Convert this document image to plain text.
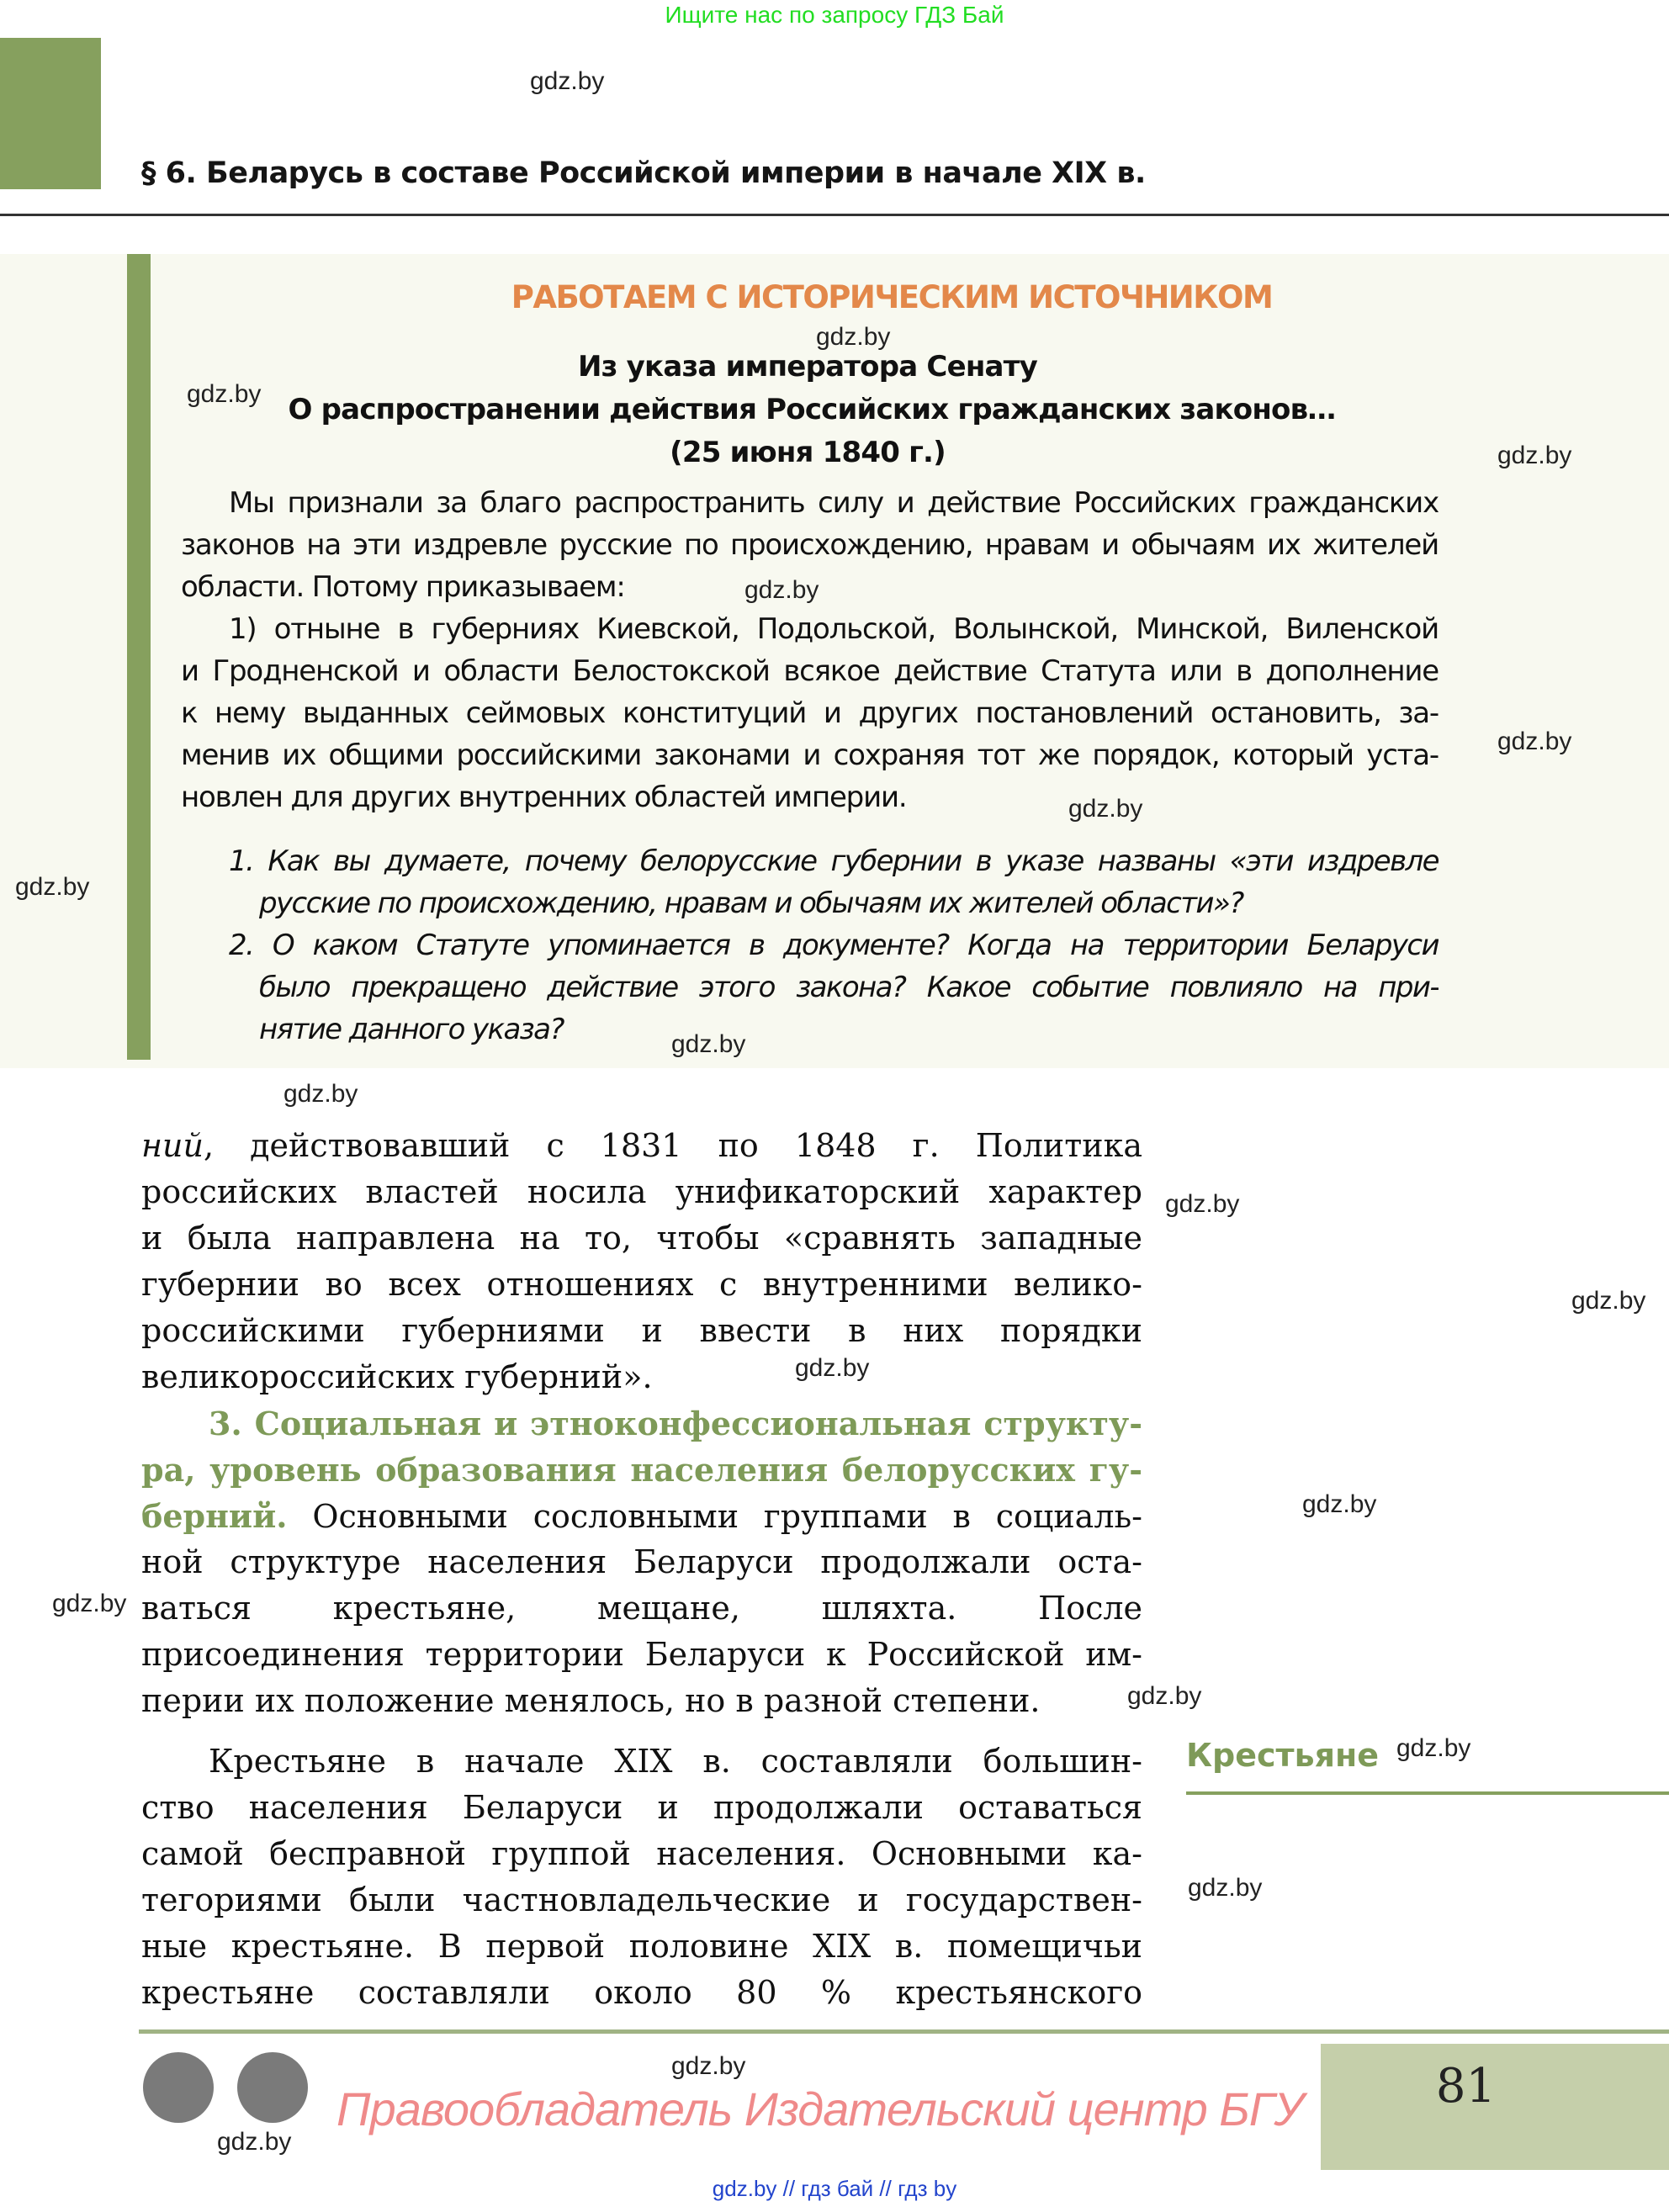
Ищите нас по запросу ГДЗ Бай
gdz.by
§ 6. Беларусь в составе Российской империи в начале XIX в.
РАБОТАЕМ С ИСТОРИЧЕСКИМ ИСТОЧНИКОМ
gdz.by
Из указа императора Сенату
gdz.by О распространении действия Российских гражданских законов…
(25 июня 1840 г.)	gdz.by
Мы признали за благо распространить силу и действие Российских гражданских
законов на эти издревле русские по происхождению, нравам и обычаям их жителей
области. Потому приказываем:	gdz.by
1) отныне в губерниях Киевской, Подольской, Волынской, Минской, Виленской
и Гродненской и области Белостокской всякое действие Статута или в дополнение
к нему выданных сеймовых конституций и других постановлений остановить, за-
менив их общими российскими законами и сохраняя тот же порядок, который уста- gdz.by
новлен для других внутренних областей империи.	gdz.by
gdz.by
1. Как вы думаете, почему белорусские губернии в указе названы «эти издревле
русские по происхождению, нравам и обычаям их жителей области»?
2. О каком Статуте упоминается в документе? Когда на территории Беларуси
было прекращено действие этого закона? Какое событие повлияло на при-
нятие данного указа?	gdz.by
gdz.by
ний, действовавший с 1831 по 1848 г. Политика
российских властей носила унификаторский характер gdz.by
и была направлена на то, чтобы «сравнять западные
губернии во всех отношениях с внутренними велико-	gdz.by
российскими губерниями и ввести в них порядки
великороссийских губерний».	gdz.by
3. Социальная и этноконфессиональная структу-
ра, уровень образования населения белорусских гу-
gdz.by
берний. Основными сословными группами в социаль-
ной структуре населения Беларуси продолжали оста-
gdz.by ваться крестьяне, мещане, шляхта. После
присоединения территории Беларуси к Российской им-
перии их положение менялось, но в разной степени.	gdz.by
Крестьяне в начале XIX в. составляли большин- Крестьяне gdz.by
ство населения Беларуси и продолжали оставаться
самой бесправной группой населения. Основными ка-
gdz.by
тегориями были частновладельческие и государствен-
ные крестьяне. В первой половине XIX в. помещичьи
крестьяне составляли около 80 % крестьянского
gdz.by
Правообладатель Издательский центр БГУ
gdz.by
81
gdz.by // гдз бай // гдз by
